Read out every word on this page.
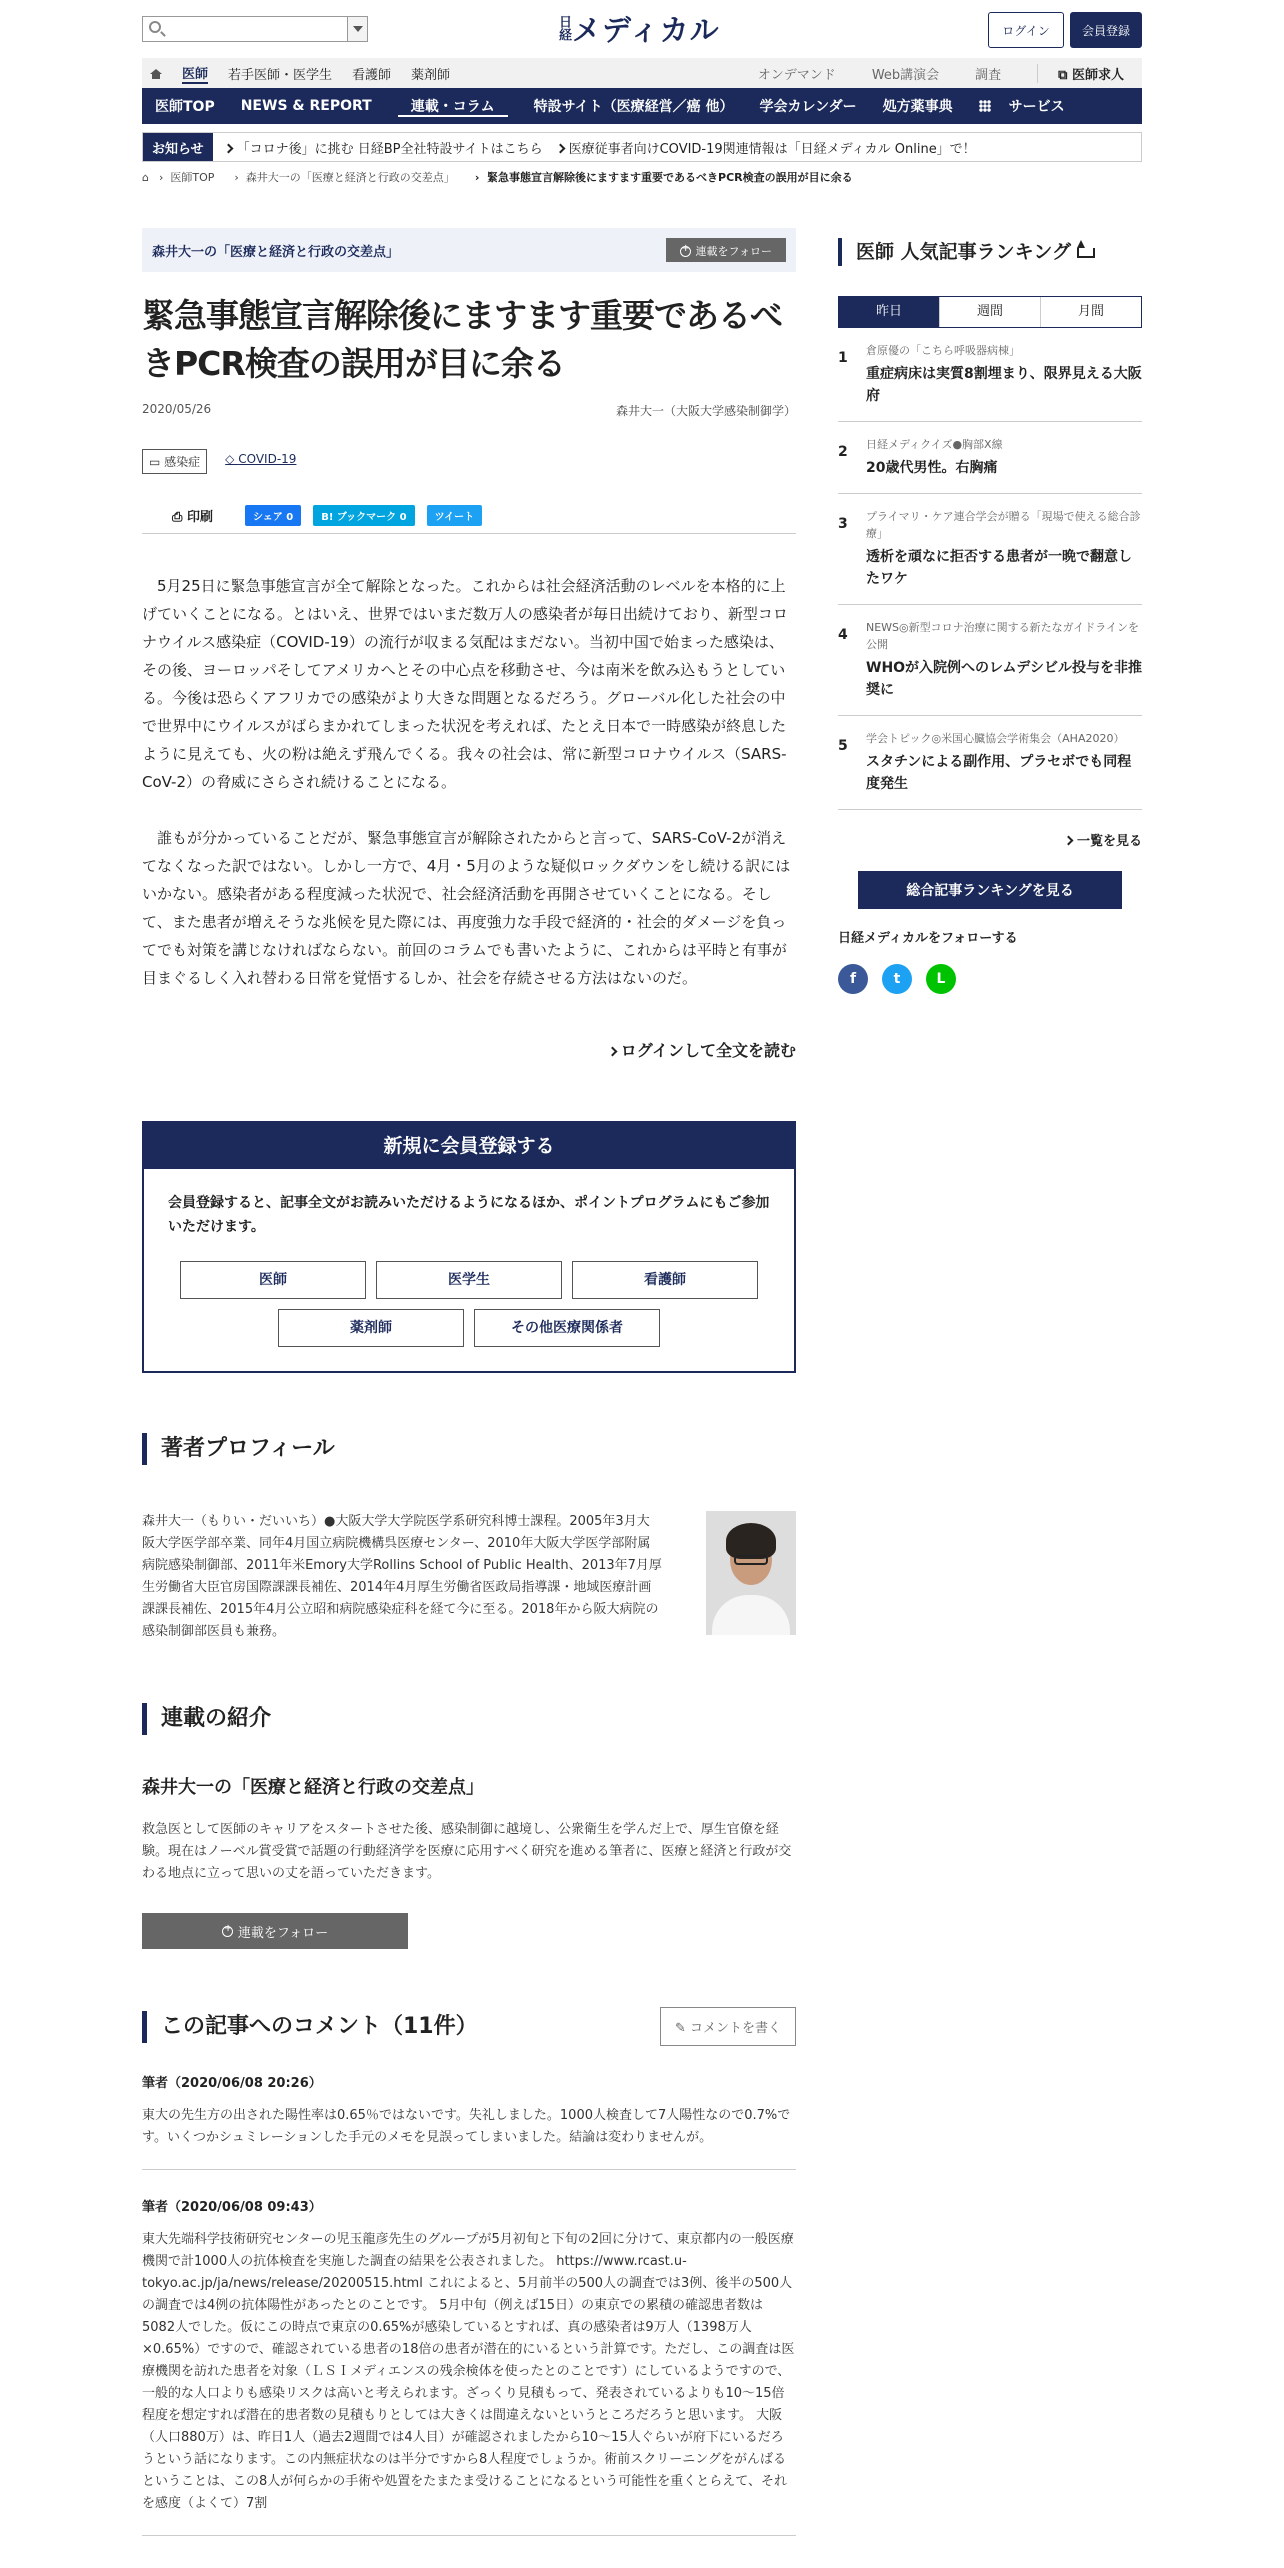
日経 メディカル	ログイン	会員登録
医師 若手医師・医学生 看護師 薬剤師	オンデマンド	Web講演会	調査	⧉ 医師求人
医師TOP	NEWS & REPORT	連載・コラム	特設サイト（医療経営／癌 他）	学会カレンダー	処方薬事典	サービス
お知らせ	「コロナ後」に挑む 日経BP全社特設サイトはこちら	医療従事者向けCOVID-19関連情報は「日経メディカル Online」で！
⌂ ›  医師TOP	›  森井大一の「医療と経済と行政の交差点」	›  緊急事態宣言解除後にますます重要であるべきPCR検査の誤用が目に余る
森井大一の「医療と経済と行政の交差点」
+	連載をフォロー
緊急事態宣言解除後にますます重要であるべきPCR検査の誤用が目に余る
2020/05/26	森井大一（大阪大学感染制御学）
▭ 感染症	◇ COVID-19
⎙ 印刷	シェア 0	B! ブックマーク 0	ツイート

5月25日に緊急事態宣言が全て解除となった。これからは社会経済活動のレベルを本格的に上げていくことになる。とはいえ、世界ではいまだ数万人の感染者が毎日出続けており、新型コロナウイルス感染症（COVID-19）の流行が収まる気配はまだない。当初中国で始まった感染は、その後、ヨーロッパそしてアメリカへとその中心点を移動させ、今は南米を飲み込もうとしている。今後は恐らくアフリカでの感染がより大きな問題となるだろう。グローバル化した社会の中で世界中にウイルスがばらまかれてしまった状況を考えれば、たとえ日本で一時感染が終息したように見えても、火の粉は絶えず飛んでくる。我々の社会は、常に新型コロナウイルス（SARS-CoV-2）の脅威にさらされ続けることになる。

誰もが分かっていることだが、緊急事態宣言が解除されたからと言って、SARS-CoV-2が消えてなくなった訳ではない。しかし一方で、4月・5月のような疑似ロックダウンをし続ける訳にはいかない。感染者がある程度減った状況で、社会経済活動を再開させていくことになる。そして、また患者が増えそうな兆候を見た際には、再度強力な手段で経済的・社会的ダメージを負ってでも対策を講じなければならない。前回のコラムでも書いたように、これからは平時と有事が目まぐるしく入れ替わる日常を覚悟するしか、社会を存続させる方法はないのだ。

ログインして全文を読む
新規に会員登録する
会員登録すると、記事全文がお読みいただけるようになるほか、ポイントプログラムにもご参加いただけます。
医師	医学生	看護師
薬剤師	その他医療関係者
著者プロフィール

森井大一（もりい・だいいち）●大阪大学大学院医学系研究科博士課程。2005年3月大阪大学医学部卒業、同年4月国立病院機構呉医療センター、2010年大阪大学医学部附属病院感染制御部、2011年米Emory大学Rollins School of Public Health、2013年7月厚生労働省大臣官房国際課課長補佐、2014年4月厚生労働省医政局指導課・地域医療計画課課長補佐、2015年4月公立昭和病院感染症科を経て今に至る。2018年から阪大病院の感染制御部医員も兼務。

連載の紹介
森井大一の「医療と経済と行政の交差点」

救急医として医師のキャリアをスタートさせた後、感染制御に越境し、公衆衛生を学んだ上で、厚生官僚を経験。現在はノーベル賞受賞で話題の行動経済学を医療に応用すべく研究を進める筆者に、医療と経済と行政が交わる地点に立って思いの丈を語っていただきます。

+
連載をフォロー
この記事へのコメント（11件）	✎ コメントを書く
筆者（2020/06/08 20:26）

東大の先生方の出された陽性率は0.65％ではないです。失礼しました。1000人検査して7人陽性なので0.7%です。いくつかシュミレーションした手元のメモを見誤ってしまいました。結論は変わりませんが。

筆者（2020/06/08 09:43）

東大先端科学技術研究センターの児玉龍彦先生のグループが5月初旬と下旬の2回に分けて、東京都内の一般医療機関で計1000人の抗体検査を実施した調査の結果を公表されました。 https://www.rcast.u-tokyo.ac.jp/ja/news/release/20200515.html これによると、5月前半の500人の調査では3例、後半の500人の調査では4例の抗体陽性があったとのことです。 5月中旬（例えば15日）の東京での累積の確認患者数は5082人でした。仮にこの時点で東京の0.65%が感染しているとすれば、真の感染者は9万人（1398万人×0.65%）ですので、確認されている患者の18倍の患者が潜在的にいるという計算です。ただし、この調査は医療機関を訪れた患者を対象（ＬＳＩメディエンスの残余検体を使ったとのことです）にしているようですので、一般的な人口よりも感染リスクは高いと考えられます。ざっくり見積もって、発表されているよりも10～15倍程度を想定すれば潜在的患者数の見積もりとしては大きくは間違えないというところだろうと思います。 大阪（人口880万）は、昨日1人（過去2週間では4人目）が確認されましたから10～15人ぐらいが府下にいるだろうという話になります。この内無症状なのは半分ですから8人程度でしょうか。術前スクリーニングをがんばるということは、この8人が何らかの手術や処置をたまたま受けることになるという可能性を重くとらえて、それを感度（よくて）7割

医師 人気記事ランキング
昨日	週間	月間
1	倉原優の「こちら呼吸器病棟」
重症病床は実質8割埋まり、限界見える大阪府
2	日経メディクイズ●胸部X線
20歳代男性。右胸痛
3	プライマリ・ケア連合学会が贈る「現場で使える総合診療」
透析を頑なに拒否する患者が一晩で翻意したワケ
4	NEWS◎新型コロナ治療に関する新たなガイドラインを公開
WHOが入院例へのレムデシビル投与を非推奨に
5	学会トピック◎米国心臓協会学術集会（AHA2020）
スタチンによる副作用、プラセボでも同程度発生
一覧を見る
総合記事ランキングを見る
日経メディカルをフォローする
f	t	L
